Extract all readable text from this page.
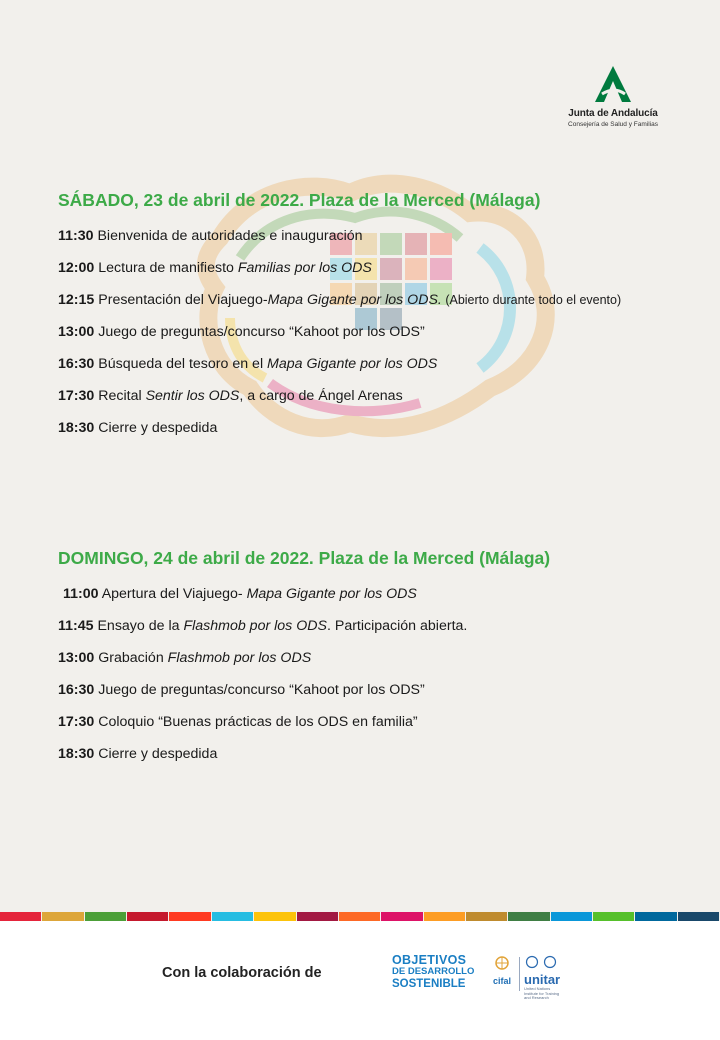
Junta de Andalucía
Consejería de Salud y Familias
SÁBADO, 23 de abril de 2022. Plaza de la Merced (Málaga)
11:30 Bienvenida de autoridades e inauguración
12:00 Lectura de manifiesto Familias por los ODS
12:15 Presentación del Viajuego-Mapa Gigante por los ODS. (Abierto durante todo el evento)
13:00 Juego de preguntas/concurso “Kahoot por los ODS”
16:30 Búsqueda del tesoro en el Mapa Gigante por los ODS
17:30 Recital Sentir los ODS, a cargo de Ángel Arenas
18:30 Cierre y despedida
DOMINGO, 24 de abril de 2022. Plaza de la Merced (Málaga)
11:00 Apertura del Viajuego- Mapa Gigante por los ODS
11:45 Ensayo de la Flashmob por los ODS. Participación abierta.
13:00 Grabación Flashmob por los ODS
16:30 Juego de preguntas/concurso “Kahoot por los ODS”
17:30 Coloquio “Buenas prácticas de los ODS en familia”
18:30 Cierre y despedida
Con la colaboración de
OBJETIVOS
DE DESARROLLO
SOSTENIBLE	cifal	unitar
United Nations Institute for Training and Research
